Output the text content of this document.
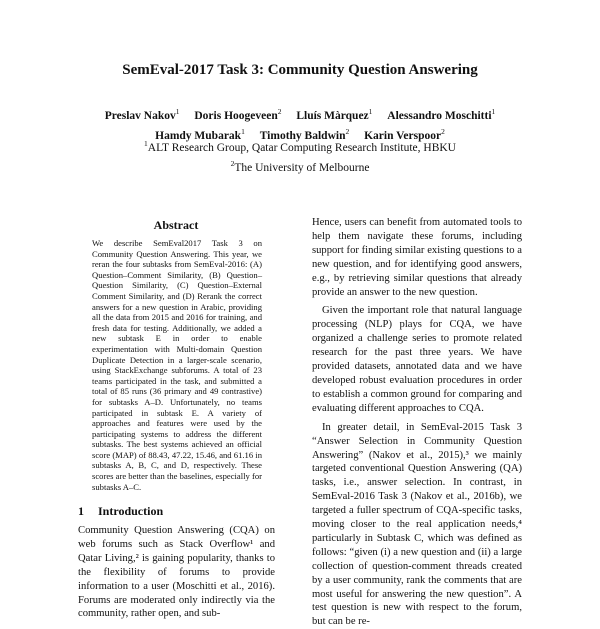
SemEval-2017 Task 3: Community Question Answering
Preslav Nakov$^1$ Doris Hoogeveen$^2$ Lluís Màrquez$^1$ Alessandro Moschitti$^1$
Hamdy Mubarak$^1$ Timothy Baldwin$^2$ Karin Verspoor$^2$
$^1$ALT Research Group, Qatar Computing Research Institute, HBKU
$^2$The University of Melbourne
Abstract
We describe SemEval2017 Task 3 on Community Question Answering. This year, we reran the four subtasks from SemEval-2016: (A) Question–Comment Similarity, (B) Question–Question Similarity, (C) Question–External Comment Similarity, and (D) Rerank the correct answers for a new question in Arabic, providing all the data from 2015 and 2016 for training, and fresh data for testing. Additionally, we added a new subtask E in order to enable experimentation with Multi-domain Question Duplicate Detection in a larger-scale scenario, using StackExchange subforums. A total of 23 teams participated in the task, and submitted a total of 85 runs (36 primary and 49 contrastive) for subtasks A–D. Unfortunately, no teams participated in subtask E. A variety of approaches and features were used by the participating systems to address the different subtasks. The best systems achieved an official score (MAP) of 88.43, 47.22, 15.46, and 61.16 in subtasks A, B, C, and D, respectively. These scores are better than the baselines, especially for subtasks A–C.
1 Introduction

Community Question Answering (CQA) on web forums such as Stack Overflow¹ and Qatar Living,² is gaining popularity, thanks to the flexibility of forums to provide information to a user (Moschitti et al., 2016). Forums are moderated only indirectly via the community, rather open, and sub-

Hence, users can benefit from automated tools to help them navigate these forums, including support for finding similar existing questions to a new question, and for identifying good answers, e.g., by retrieving similar questions that already provide an answer to the new question.

Given the important role that natural language processing (NLP) plays for CQA, we have organized a challenge series to promote related research for the past three years. We have provided datasets, annotated data and we have developed robust evaluation procedures in order to establish a common ground for comparing and evaluating different approaches to CQA.

In greater detail, in SemEval-2015 Task 3 “Answer Selection in Community Question Answering” (Nakov et al., 2015),³ we mainly targeted conventional Question Answering (QA) tasks, i.e., answer selection. In contrast, in SemEval-2016 Task 3 (Nakov et al., 2016b), we targeted a fuller spectrum of CQA-specific tasks, moving closer to the real application needs,⁴ particularly in Subtask C, which was defined as follows: “given (i) a new question and (ii) a large collection of question-comment threads created by a user community, rank the comments that are most useful for answering the new question”. A test question is new with respect to the forum, but can be re-
